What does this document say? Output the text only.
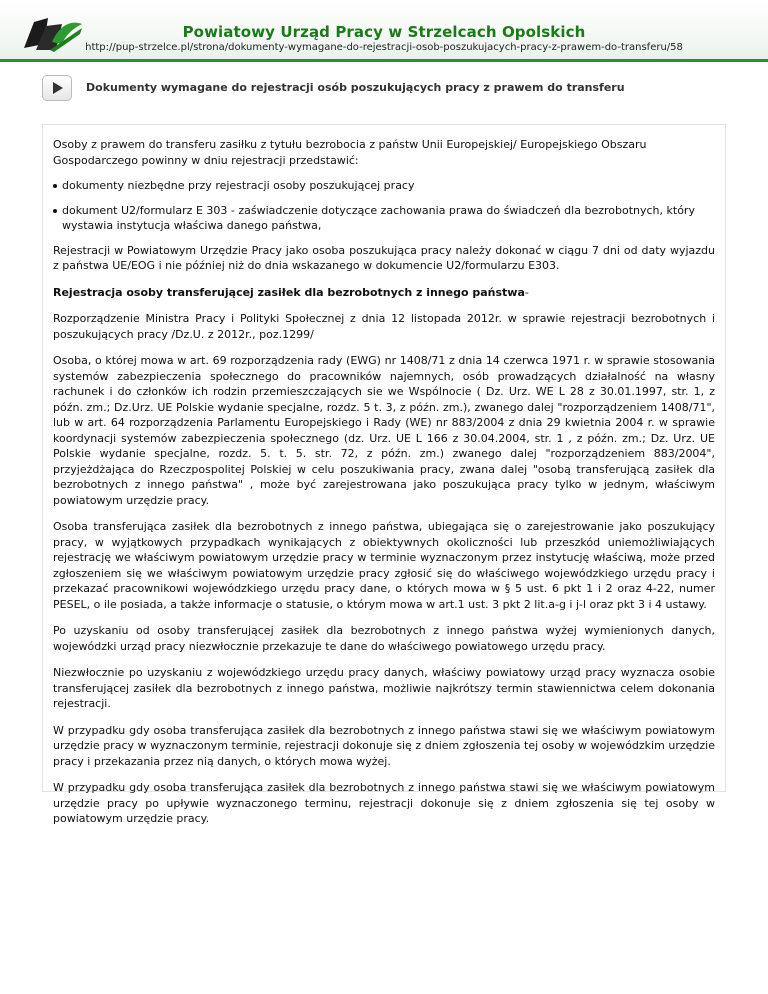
Powiatowy Urząd Pracy w Strzelcach Opolskich
http://pup-strzelce.pl/strona/dokumenty-wymagane-do-rejestracji-osob-poszukujacych-pracy-z-prawem-do-transferu/58
Dokumenty wymagane do rejestracji osób poszukujących pracy z prawem do transferu

Osoby z prawem do transferu zasiłku z tytułu bezrobocia z państw Unii Europejskiej/ Europejskiego Obszaru Gospodarczego powinny w dniu rejestracji przedstawić:

dokumenty niezbędne przy rejestracji osoby poszukującej pracy
dokument U2/formularz E 303 - zaświadczenie dotyczące zachowania prawa do świadczeń dla bezrobotnych, który wystawia instytucja właściwa danego państwa,

Rejestracji w Powiatowym Urzędzie Pracy jako osoba poszukująca pracy należy dokonać w ciągu 7 dni od daty wyjazdu z państwa UE/EOG i nie później niż do dnia wskazanego w dokumencie U2/formularzu E303.

Rejestracja osoby transferującej zasiłek dla bezrobotnych z innego państwa-

Rozporządzenie Ministra Pracy i Polityki Społecznej z dnia 12 listopada 2012r. w sprawie rejestracji bezrobotnych i poszukujących pracy /Dz.U. z 2012r., poz.1299/

Osoba, o której mowa w art. 69 rozporządzenia rady (EWG) nr 1408/71 z dnia 14 czerwca 1971 r. w sprawie stosowania systemów zabezpieczenia społecznego do pracowników najemnych, osób prowadzących działalność na własny rachunek i do członków ich rodzin przemieszczających sie we Wspólnocie ( Dz. Urz. WE L 28 z 30.01.1997, str. 1, z późn. zm.; Dz.Urz. UE Polskie wydanie specjalne, rozdz. 5 t. 3, z późn. zm.), zwanego dalej "rozporządzeniem 1408/71", lub w art. 64 rozporządzenia Parlamentu Europejskiego i Rady (WE) nr 883/2004 z dnia 29 kwietnia 2004 r. w sprawie koordynacji systemów zabezpieczenia społecznego (dz. Urz. UE L 166 z 30.04.2004, str. 1 , z późn. zm.; Dz. Urz. UE Polskie wydanie specjalne, rozdz. 5. t. 5. str. 72, z późn. zm.) zwanego dalej "rozporządzeniem 883/2004", przyjeżdżająca do Rzeczpospolitej Polskiej w celu poszukiwania pracy, zwana dalej "osobą transferującą zasiłek dla bezrobotnych z innego państwa" , może być zarejestrowana jako poszukująca pracy tylko w jednym, właściwym powiatowym urzędzie pracy.

Osoba transferująca zasiłek dla bezrobotnych z innego państwa, ubiegająca się o zarejestrowanie jako poszukujący pracy, w wyjątkowych przypadkach wynikających z obiektywnych okoliczności lub przeszkód uniemożliwiających rejestrację we właściwym powiatowym urzędzie pracy w terminie wyznaczonym przez instytucję właściwą, może przed zgłoszeniem się we właściwym powiatowym urzędzie pracy zgłosić się do właściwego wojewódzkiego urzędu pracy i przekazać pracownikowi wojewódzkiego urzędu pracy dane, o których mowa w § 5 ust. 6 pkt 1 i 2 oraz 4-22, numer PESEL, o ile posiada, a także informacje o statusie, o którym mowa w art.1 ust. 3 pkt 2 lit.a-g i j-l oraz pkt 3 i 4 ustawy.

Po uzyskaniu od osoby transferującej zasiłek dla bezrobotnych z innego państwa wyżej wymienionych danych, wojewódzki urząd pracy niezwłocznie przekazuje te dane do właściwego powiatowego urzędu pracy.

Niezwłocznie po uzyskaniu z wojewódzkiego urzędu pracy danych, właściwy powiatowy urząd pracy wyznacza osobie transferującej zasiłek dla bezrobotnych z innego państwa, możliwie najkrótszy termin stawiennictwa celem dokonania rejestracji.

W przypadku gdy osoba transferująca zasiłek dla bezrobotnych z innego państwa stawi się we właściwym powiatowym urzędzie pracy w wyznaczonym terminie, rejestracji dokonuje się z dniem zgłoszenia tej osoby w wojewódzkim urzędzie pracy i przekazania przez nią danych, o których mowa wyżej.

W przypadku gdy osoba transferująca zasiłek dla bezrobotnych z innego państwa stawi się we właściwym powiatowym urzędzie pracy po upływie wyznaczonego terminu, rejestracji dokonuje się z dniem zgłoszenia się tej osoby w powiatowym urzędzie pracy.
